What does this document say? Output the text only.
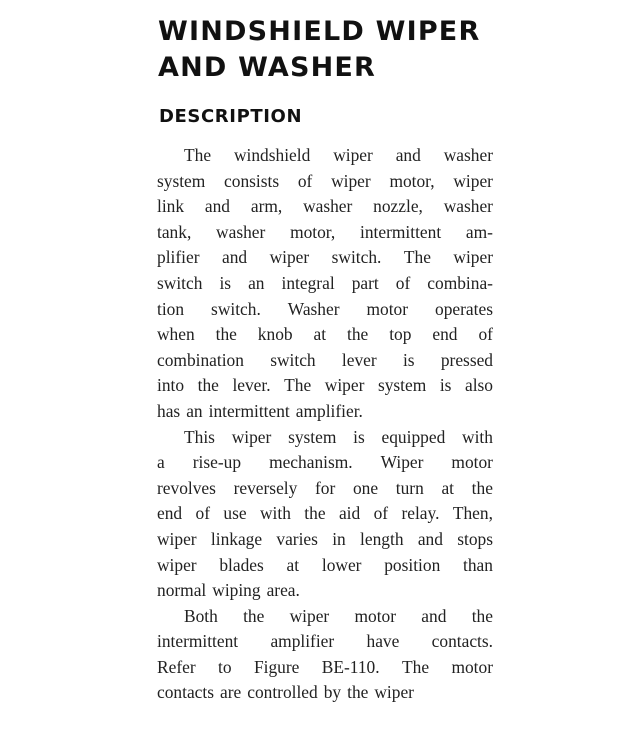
WINDSHIELD WIPER
AND WASHER
DESCRIPTION
The windshield wiper and washer
system consists of wiper motor, wiper
link and arm, washer nozzle, washer
tank, washer motor, intermittent am-
plifier and wiper switch. The wiper
switch is an integral part of combina-
tion switch. Washer motor operates
when the knob at the top end of
combination switch lever is pressed
into the lever. The wiper system is also
has an intermittent amplifier.
This wiper system is equipped with
a rise-up mechanism. Wiper motor
revolves reversely for one turn at the
end of use with the aid of relay. Then,
wiper linkage varies in length and stops
wiper blades at lower position than
normal wiping area.
Both the wiper motor and the
intermittent amplifier have contacts.
Refer to Figure BE-110. The motor
contacts are controlled by the wiper
